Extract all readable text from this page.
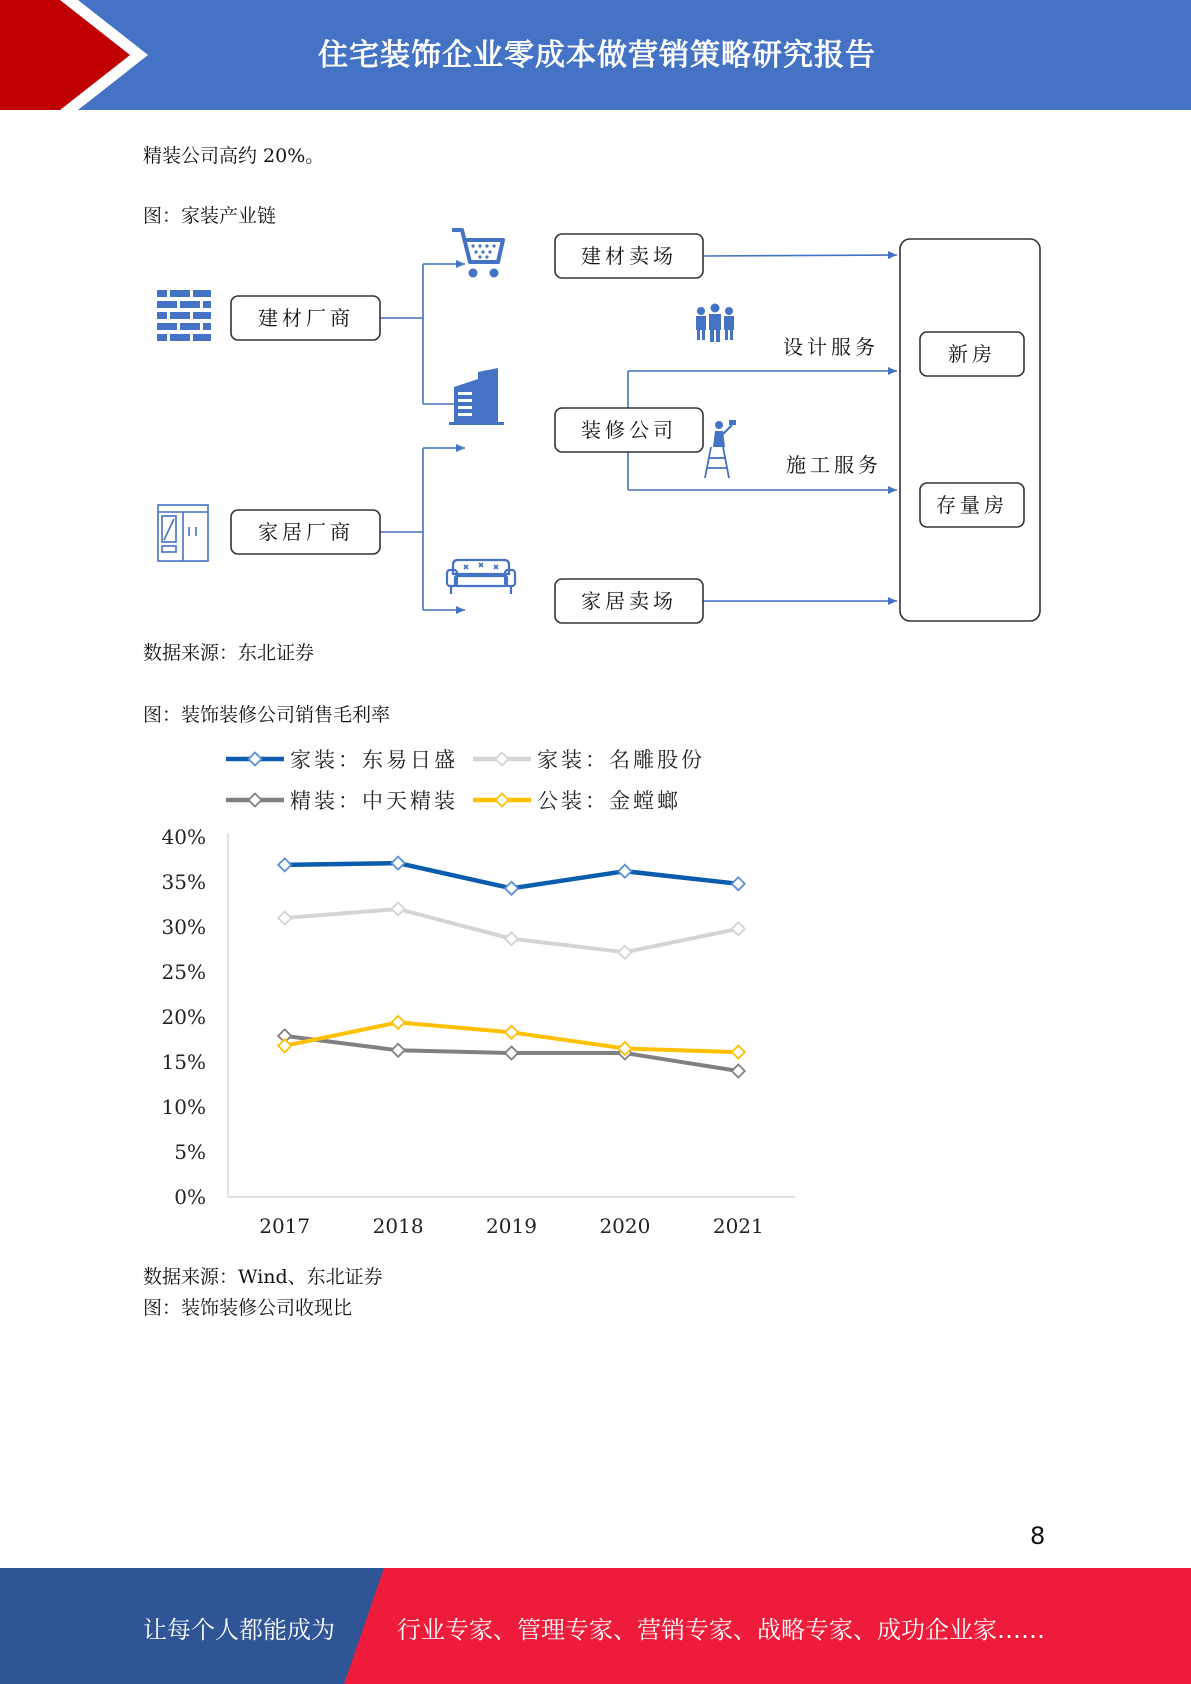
住宅装饰企业零成本做营销策略研究报告
精装公司高约 20%。
图：家装产业链
建材厂商
家居厂商
建材卖场
装修公司
家居卖场
新房
存量房
设计服务
施工服务
数据来源：东北证券
图：装饰装修公司销售毛利率
家装：东易日盛	家装：名雕股份
精装：中天精装	公装：金螳螂
0%
5%
10%
15%
20%
25%
30%
35%
40%
2017	2018	2019	2020	2021
数据来源：Wind、东北证券
图：装饰装修公司收现比
8
让每个人都能成为	行业专家、管理专家、营销专家、战略专家、成功企业家……
